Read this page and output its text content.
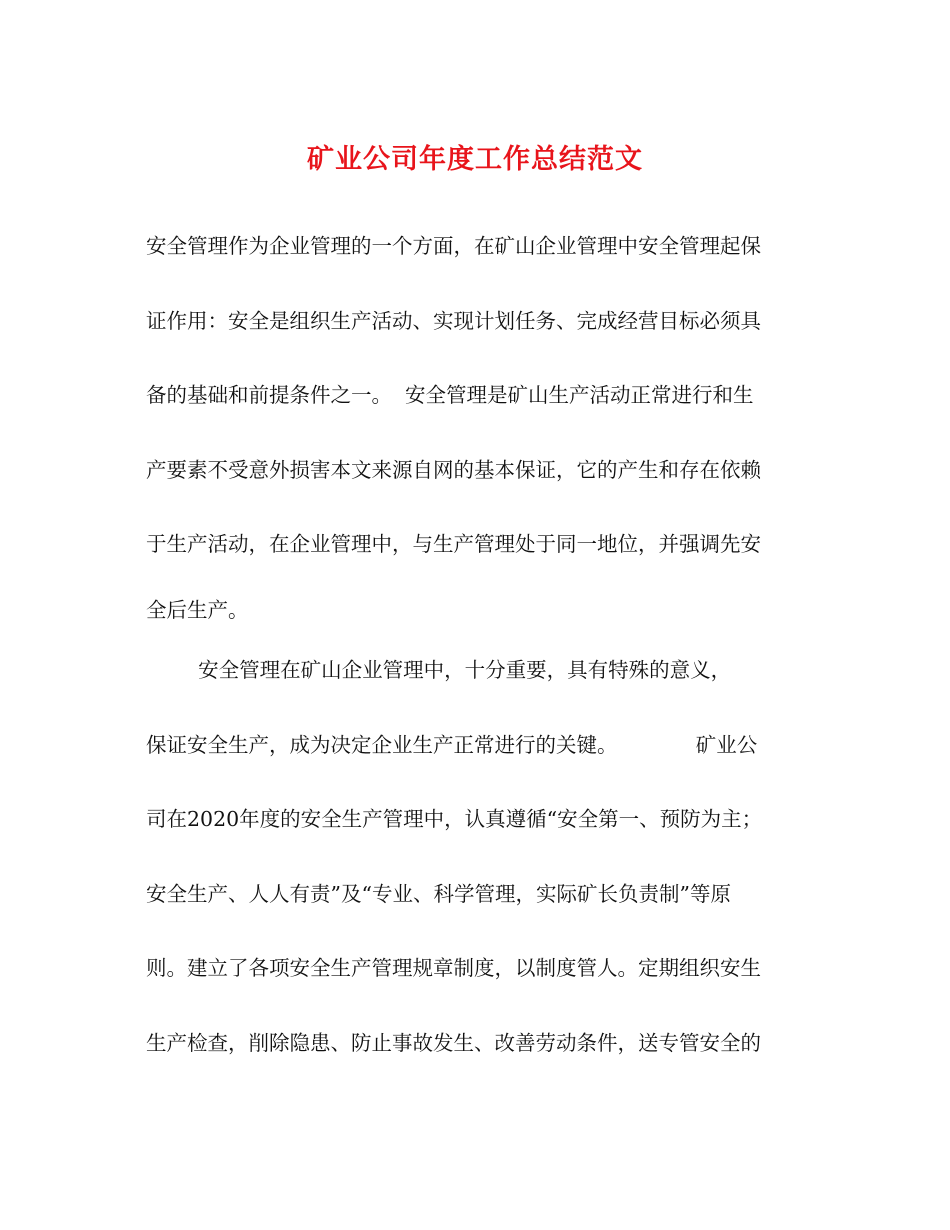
矿业公司年度工作总结范文
安全管理作为企业管理的一个方面，在矿山企业管理中安全管理起保
证作用：安全是组织生产活动、实现计划任务、完成经营目标必须具
备的基础和前提条件之一。  安全管理是矿山生产活动正常进行和生
产要素不受意外损害本文来源自网的基本保证，它的产生和存在依赖
于生产活动，在企业管理中，与生产管理处于同一地位，并强调先安
全后生产。
安全管理在矿山企业管理中，十分重要，具有特殊的意义，
保证安全生产，成为决定企业生产正常进行的关键。            矿业公
司在2020年度的安全生产管理中，认真遵循“安全第一、预防为主；
安全生产、人人有责”及“专业、科学管理，实际矿长负责制”等原
则。建立了各项安全生产管理规章制度，以制度管人。定期组织安生
生产检查，削除隐患、防止事故发生、改善劳动条件，送专管安全的
